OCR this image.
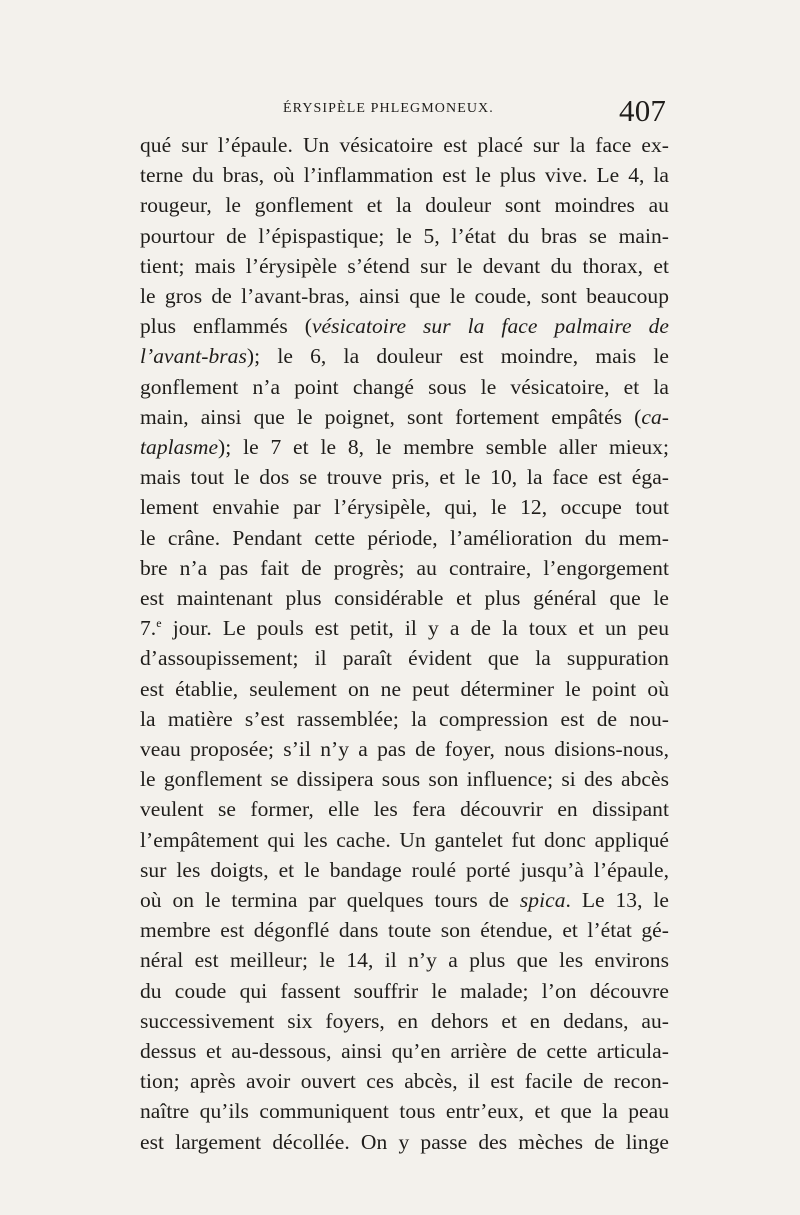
ÉRYSIPÈLE PHLEGMONEUX.	407
qué sur l’épaule. Un vésicatoire est placé sur la face ex-
terne du bras, où l’inflammation est le plus vive. Le 4, la
rougeur, le gonflement et la douleur sont moindres au
pourtour de l’épispastique; le 5, l’état du bras se main-
tient; mais l’érysipèle s’étend sur le devant du thorax, et
le gros de l’avant-bras, ainsi que le coude, sont beaucoup
plus enflammés (vésicatoire sur la face palmaire de
l’avant-bras); le 6, la douleur est moindre, mais le
gonflement n’a point changé sous le vésicatoire, et la
main, ainsi que le poignet, sont fortement empâtés (ca-
taplasme); le 7 et le 8, le membre semble aller mieux;
mais tout le dos se trouve pris, et le 10, la face est éga-
lement envahie par l’érysipèle, qui, le 12, occupe tout
le crâne. Pendant cette période, l’amélioration du mem-
bre n’a pas fait de progrès; au contraire, l’engorgement
est maintenant plus considérable et plus général que le
7.$^e$ jour. Le pouls est petit, il y a de la toux et un peu
d’assoupissement; il paraît évident que la suppuration
est établie, seulement on ne peut déterminer le point où
la matière s’est rassemblée; la compression est de nou-
veau proposée; s’il n’y a pas de foyer, nous disions-nous,
le gonflement se dissipera sous son influence; si des abcès
veulent se former, elle les fera découvrir en dissipant
l’empâtement qui les cache. Un gantelet fut donc appliqué
sur les doigts, et le bandage roulé porté jusqu’à l’épaule,
où on le termina par quelques tours de spica. Le 13, le
membre est dégonflé dans toute son étendue, et l’état gé-
néral est meilleur; le 14, il n’y a plus que les environs
du coude qui fassent souffrir le malade; l’on découvre
successivement six foyers, en dehors et en dedans, au-
dessus et au-dessous, ainsi qu’en arrière de cette articula-
tion; après avoir ouvert ces abcès, il est facile de recon-
naître qu’ils communiquent tous entr’eux, et que la peau
est largement décollée. On y passe des mèches de linge
